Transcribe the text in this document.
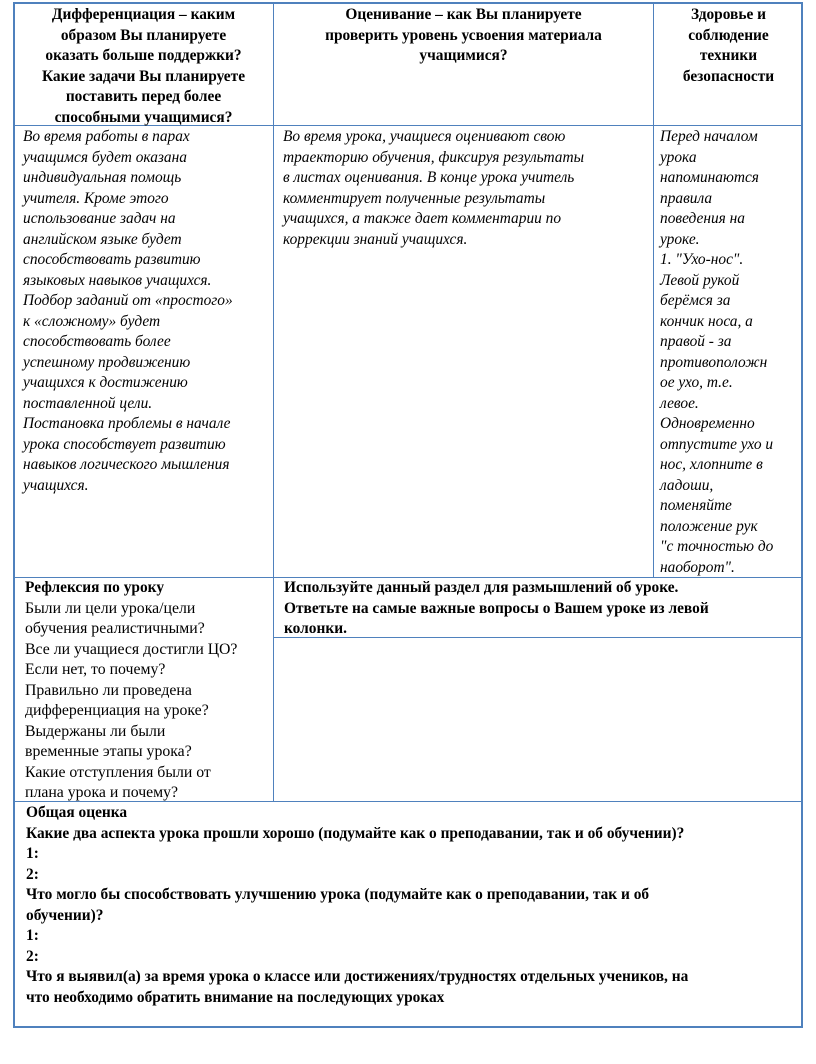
Дифференциация – каким
образом Вы планируете
оказать больше поддержки?
Какие задачи Вы планируете
поставить перед более
способными учащимися?
Оценивание – как Вы планируете
проверить уровень усвоения материала
учащимися?
Здоровье и
соблюдение
техники
безопасности
Во время работы в парах
учащимся будет оказана
индивидуальная помощь
учителя. Кроме этого
использование задач на
английском языке будет
способствовать развитию
языковых навыков учащихся.
Подбор заданий от «простого»
к «сложному» будет
способствовать более
успешному продвижению
учащихся к достижению
поставленной цели.
Постановка проблемы в начале
урока способствует развитию
навыков логического мышления
учащихся.
Во время урока, учащиеся оценивают свою
траекторию обучения, фиксируя результаты
в листах оценивания. В конце урока учитель
комментирует полученные результаты
учащихся, а также дает комментарии по
коррекции знаний учащихся.
Перед началом
урока
напоминаются
правила
поведения на
уроке.
1. "Ухо-нос".
Левой рукой
берёмся за
кончик носа, а
правой - за
противоположн
ое ухо, т.е.
левое.
Одновременно
отпустите ухо и
нос, хлопните в
ладоши,
поменяйте
положение рук
"с точностью до
наоборот".
Рефлексия по уроку
Были ли цели урока/цели
обучения реалистичными?
Все ли учащиеся достигли ЦО?
Если нет, то почему?
Правильно ли проведена
дифференциация на уроке?
Выдержаны ли были
временные этапы урока?
Какие отступления были от
плана урока и почему?
Используйте данный раздел для размышлений об уроке.
Ответьте на самые важные вопросы о Вашем уроке из левой
колонки.
Общая оценка
Какие два аспекта урока прошли хорошо (подумайте как о преподавании, так и об обучении)?
1:
2:
Что могло бы способствовать улучшению урока (подумайте как о преподавании, так и об
обучении)?
1:
2:
Что я выявил(а) за время урока о классе или достижениях/трудностях отдельных учеников, на
что необходимо обратить внимание на последующих уроках
